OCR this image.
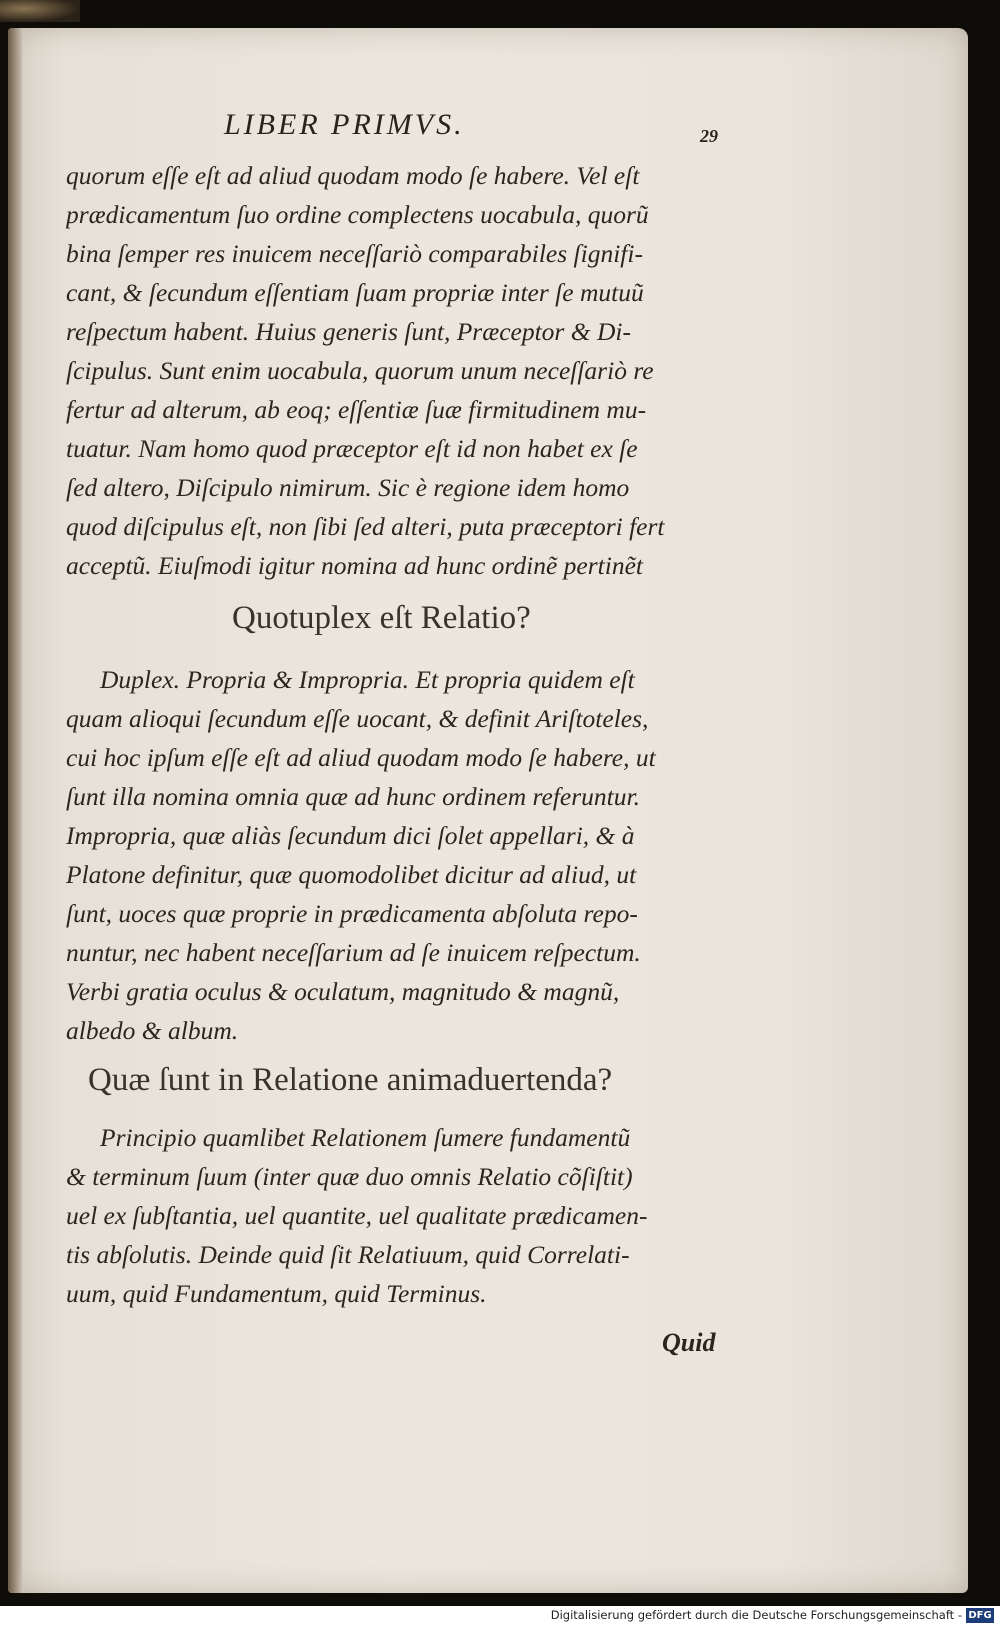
LIBER PRIMVS.	29
quorum eſſe eſt ad aliud quodam modo ſe habere. Vel eſt
prædicamentum ſuo ordine complectens uocabula, quorũ
bina ſemper res inuicem neceſſariò comparabiles ſignifi-
cant, & ſecundum eſſentiam ſuam propriæ inter ſe mutuũ
reſpectum habent. Huius generis ſunt, Præceptor & Di-
ſcipulus. Sunt enim uocabula, quorum unum neceſſariò re
fertur ad alterum, ab eoq; eſſentiæ ſuæ firmitudinem mu-
tuatur. Nam homo quod præceptor eſt id non habet ex ſe
ſed altero, Diſcipulo nimirum. Sic è regione idem homo
quod diſcipulus eſt, non ſibi ſed alteri, puta præceptori fert
acceptũ. Eiuſmodi igitur nomina ad hunc ordinẽ pertinẽt
Quotuplex eſt Relatio?
Duplex. Propria & Impropria. Et propria quidem eſt
quam alioqui ſecundum eſſe uocant, & definit Ariſtoteles,
cui hoc ipſum eſſe eſt ad aliud quodam modo ſe habere, ut
ſunt illa nomina omnia quæ ad hunc ordinem referuntur.
Impropria, quæ aliàs ſecundum dici ſolet appellari, & à
Platone definitur, quæ quomodolibet dicitur ad aliud, ut
ſunt, uoces quæ proprie in prædicamenta abſoluta repo-
nuntur, nec habent neceſſarium ad ſe inuicem reſpectum.
Verbi gratia oculus & oculatum, magnitudo & magnũ,
albedo & album.
Quæ ſunt in Relatione animaduertenda?
Principio quamlibet Relationem ſumere fundamentũ
& terminum ſuum (inter quæ duo omnis Relatio cõſiſtit)
uel ex ſubſtantia, uel quantite, uel qualitate prædicamen-
tis abſolutis. Deinde quid ſit Relatiuum, quid Correlati-
uum, quid Fundamentum, quid Terminus.
Quid
Digitalisierung gefördert durch die Deutsche Forschungsgemeinschaft - DFG
